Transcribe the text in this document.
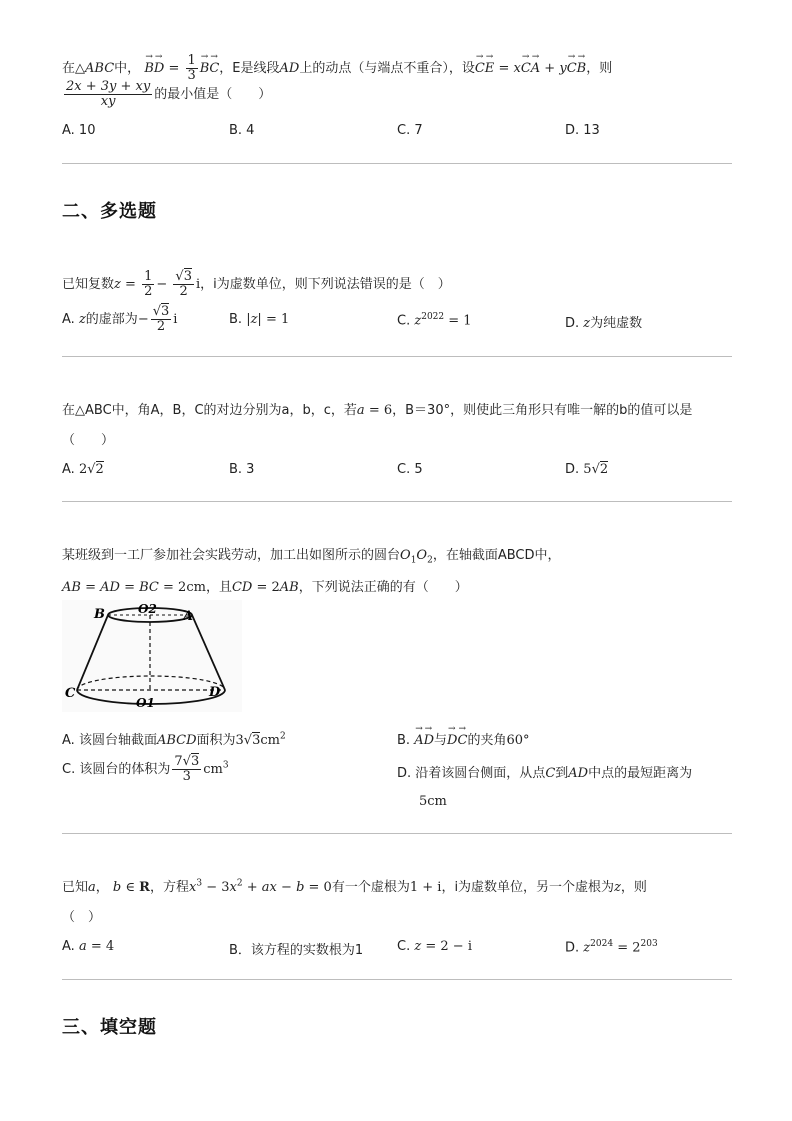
在△ABC中， → $B\to D = \frac{1}{3}$
→ B→ C，E是线段AD上的动点（与端点不重合），设→ C→ E = x→ C→ A + y→ C→ B，则
$\frac{2x + 3y + xy}{xy}$ 的最小值是（　　）
A. 10	B. 4	C. 7	D. 13
二、多选题
已知复数$z = \frac{1}{2} - \frac{√3}{2}$ i，i为虚数单位，则下列说法错误的是（　）
A. z的虚部为− $\frac{√3}{2}$ i	B. |z| = 1	C. $z^{2022} = 1$	D. z为纯虚数
在△ABC中，角A，B，C的对边分别为a，b，c，若a = 6，B＝30°，则使此三角形只有唯一解的b的值可以是
（　　）
A. 2√2	B. 3	C. 5	D. 5√2
某班级到一工厂参加社会实践劳动，加工出如图所示的圆台$O_1O_2$，在轴截面ABCD中，
AB = AD = BC = 2cm，且CD = 2AB，下列说法正确的有（　　）
B	O2 A
C
O1
D
A. 该圆台轴截面ABCD面积为$3√3cm^2$	B. → A→ D与→ D→ C的夹角60°
C. 该圆台的体积为 $\frac{7√3}{3} cm^3$
D. 沿着该圆台侧面，从点C到AD中点的最短距离为
5cm
已知a， b ∈ R，方程$x^3 - 3x^2$ + ax − b = 0有一个虚根为1 + i，i为虚数单位，另一个虚根为z，则
（　）
A. a = 4	B．该方程的实数根为1	C. z = 2 − i	D. $z^{2024} = 2^{203}$
三、填空题
